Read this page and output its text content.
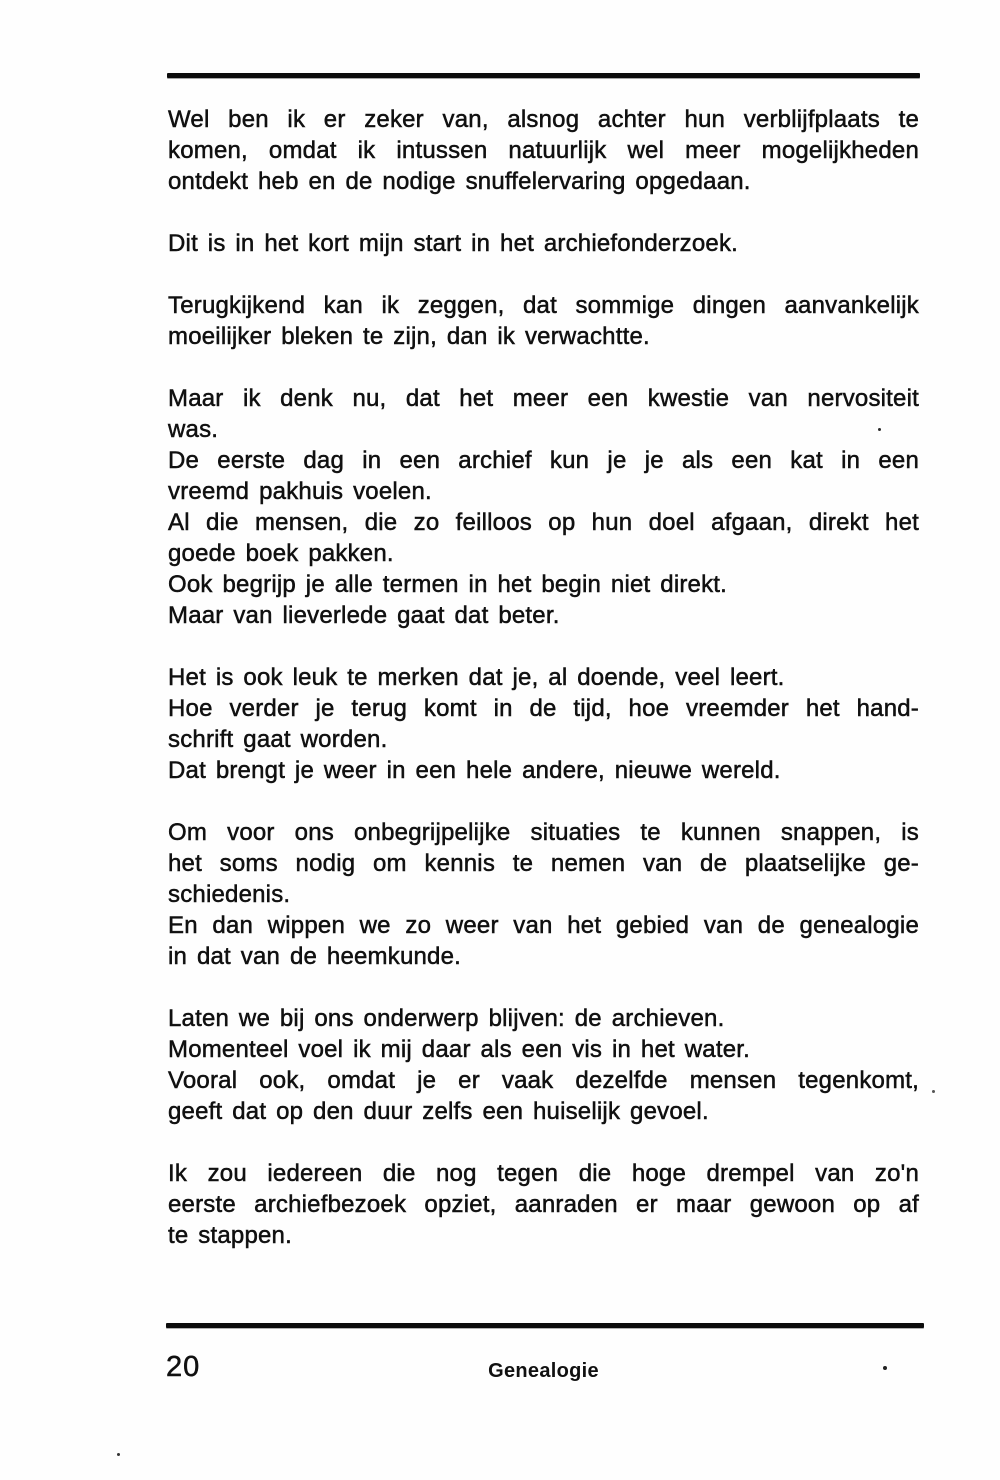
Wel ben ik er zeker van, alsnog achter hun verblijfplaats te
komen, omdat ik intussen natuurlijk wel meer mogelijkheden
ontdekt heb en de nodige snuffelervaring opgedaan.
Dit is in het kort mijn start in het archiefonderzoek.
Terugkijkend kan ik zeggen, dat sommige dingen aanvankelijk
moeilijker bleken te zijn, dan ik verwachtte.
Maar ik denk nu, dat het meer een kwestie van nervositeit
was.
De eerste dag in een archief kun je je als een kat in een
vreemd pakhuis voelen.
Al die mensen, die zo feilloos op hun doel afgaan, direkt het
goede boek pakken.
Ook begrijp je alle termen in het begin niet direkt.
Maar van lieverlede gaat dat beter.
Het is ook leuk te merken dat je, al doende, veel leert.
Hoe verder je terug komt in de tijd, hoe vreemder het hand-
schrift gaat worden.
Dat brengt je weer in een hele andere, nieuwe wereld.
Om voor ons onbegrijpelijke situaties te kunnen snappen, is
het soms nodig om kennis te nemen van de plaatselijke ge-
schiedenis.
En dan wippen we zo weer van het gebied van de genealogie
in dat van de heemkunde.
Laten we bij ons onderwerp blijven: de archieven.
Momenteel voel ik mij daar als een vis in het water.
Vooral ook, omdat je er vaak dezelfde mensen tegenkomt,
geeft dat op den duur zelfs een huiselijk gevoel.
Ik zou iedereen die nog tegen die hoge drempel van zo'n
eerste archiefbezoek opziet, aanraden er maar gewoon op af
te stappen.
20	Genealogie
